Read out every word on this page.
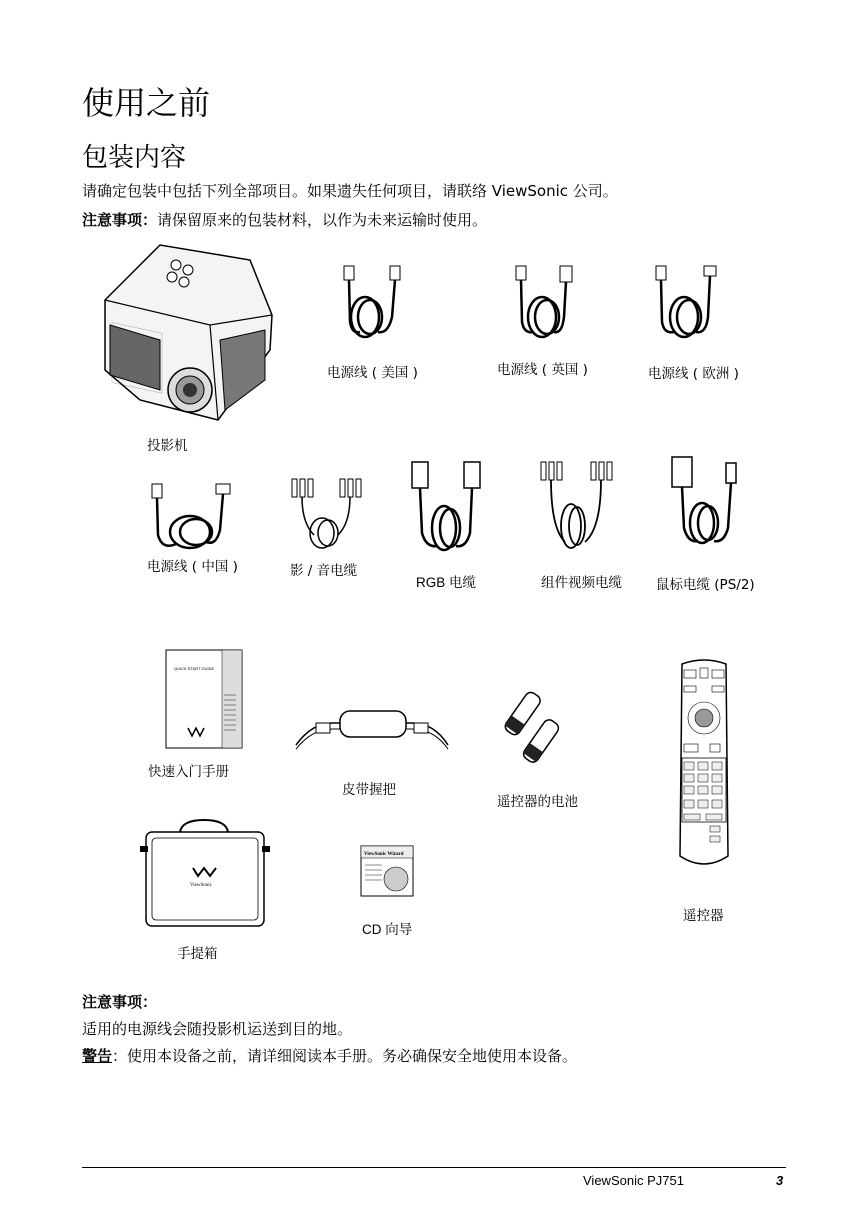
使用之前
包装内容
请确定包装中包括下列全部项目。如果遗失任何项目，请联络 ViewSonic 公司。
注意事项：请保留原来的包装材料，以作为未来运输时使用。
投影机
电源线 ( 美国 )	电源线 ( 英国 )	电源线 ( 欧洲 )
电源线 ( 中国 )	影 / 音电缆
RGB 电缆	组件视频电缆	鼠标电缆 (PS/2)
QUICK START GUIDE
快速入门手册
皮带握把
遥控器的电池
遥控器
ViewSonic
手提箱
ViewSonic Wizard
CD 向导
注意事项：
适用的电源线会随投影机运送到目的地。
警告：使用本设备之前，请详细阅读本手册。务必确保安全地使用本设备。
ViewSonic PJ751	3
